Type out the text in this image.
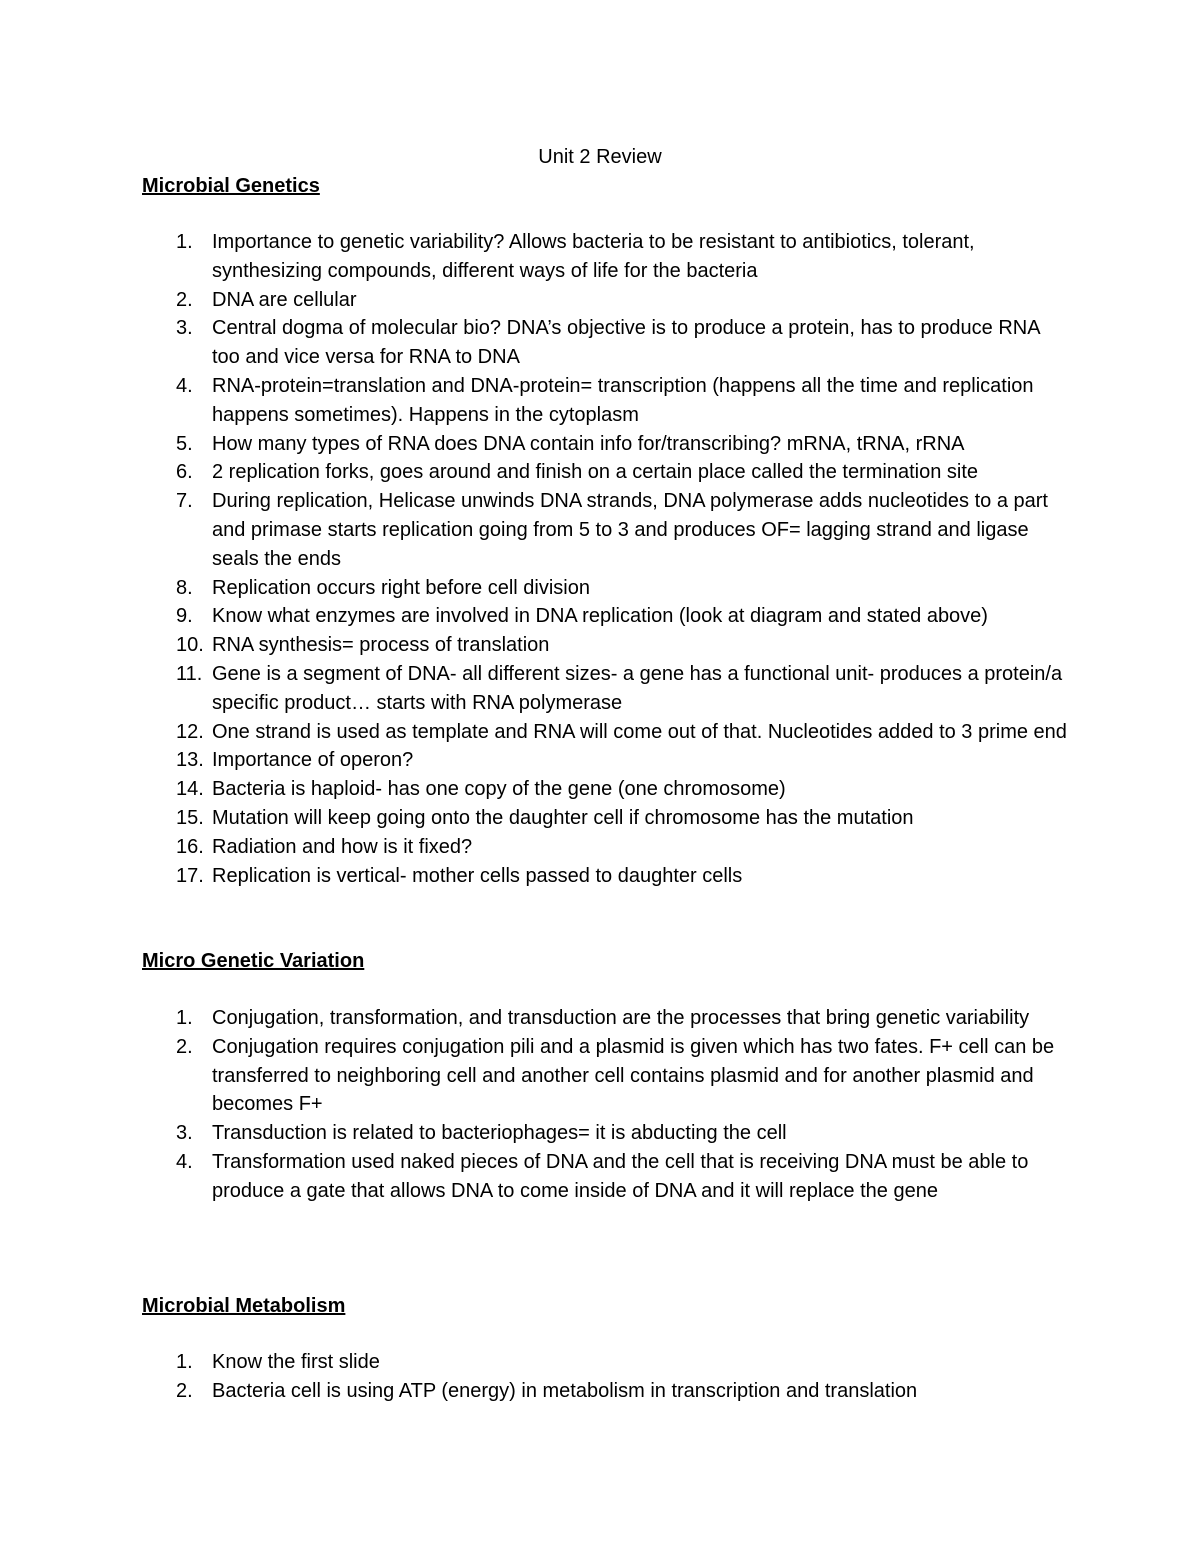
Unit 2 Review
Microbial Genetics
1. Importance to genetic variability? Allows bacteria to be resistant to antibiotics, tolerant, synthesizing compounds, different ways of life for the bacteria
2. DNA are cellular
3. Central dogma of molecular bio? DNA’s objective is to produce a protein, has to produce RNA too and vice versa for RNA to DNA
4. RNA-protein=translation and DNA-protein= transcription (happens all the time and replication happens sometimes). Happens in the cytoplasm
5. How many types of RNA does DNA contain info for/transcribing? mRNA, tRNA, rRNA
6. 2 replication forks, goes around and finish on a certain place called the termination site
7. During replication, Helicase unwinds DNA strands, DNA polymerase adds nucleotides to a part and primase starts replication going from 5 to 3 and produces OF= lagging strand and ligase seals the ends
8. Replication occurs right before cell division
9. Know what enzymes are involved in DNA replication (look at diagram and stated above)
10. RNA synthesis= process of translation
11. Gene is a segment of DNA- all different sizes- a gene has a functional unit- produces a protein/a specific product… starts with RNA polymerase
12. One strand is used as template and RNA will come out of that. Nucleotides added to 3 prime end
13. Importance of operon?
14. Bacteria is haploid- has one copy of the gene (one chromosome)
15. Mutation will keep going onto the daughter cell if chromosome has the mutation
16. Radiation and how is it fixed?
17. Replication is vertical- mother cells passed to daughter cells
Micro Genetic Variation
1. Conjugation, transformation, and transduction are the processes that bring genetic variability
2. Conjugation requires conjugation pili and a plasmid is given which has two fates. F+ cell can be transferred to neighboring cell and another cell contains plasmid and for another plasmid and becomes F+
3. Transduction is related to bacteriophages= it is abducting the cell
4. Transformation used naked pieces of DNA and the cell that is receiving DNA must be able to produce a gate that allows DNA to come inside of DNA and it will replace the gene
Microbial Metabolism
1. Know the first slide
2. Bacteria cell is using ATP (energy) in metabolism in transcription and translation
